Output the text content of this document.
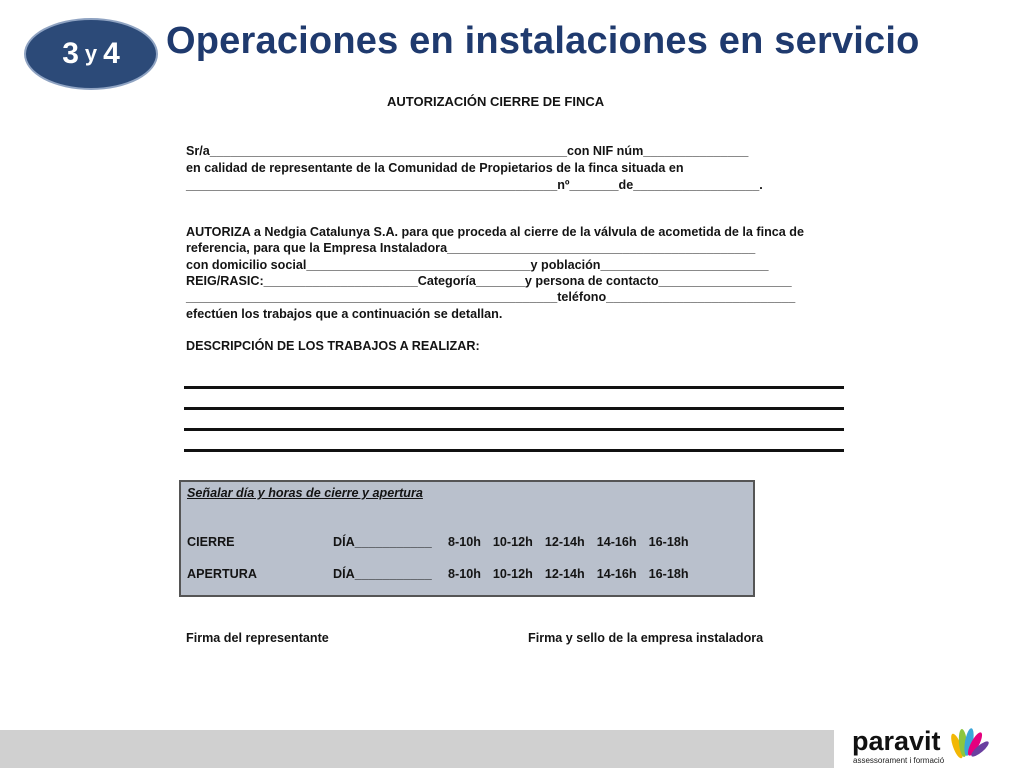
3 y 4 Operaciones en instalaciones en servicio
AUTORIZACIÓN CIERRE DE FINCA
Sr/a___________________________________________________con NIF núm_______________
en calidad de representante de la Comunidad de Propietarios de la finca situada en
_____________________________________________________nº_______de__________________.
AUTORIZA a Nedgia Catalunya S.A. para que proceda al cierre de la válvula de acometida de la finca de
referencia, para que la Empresa Instaladora____________________________________________
con domicilio social________________________________y población________________________
REIG/RASIC:______________________Categoría_______y persona de contacto___________________
_____________________________________________________teléfono___________________________
efectúen los trabajos que a continuación se detallan.
DESCRIPCIÓN DE LOS TRABAJOS A REALIZAR:
Señalar día y horas de cierre y apertura
CIERRE	DÍA___________	8-10h 10-12h 12-14h 14-16h 16-18h
APERTURA	DÍA___________	8-10h 10-12h 12-14h 14-16h 16-18h
Firma del representante	Firma y sello de la empresa instaladora
paravit
assessorament i formació
